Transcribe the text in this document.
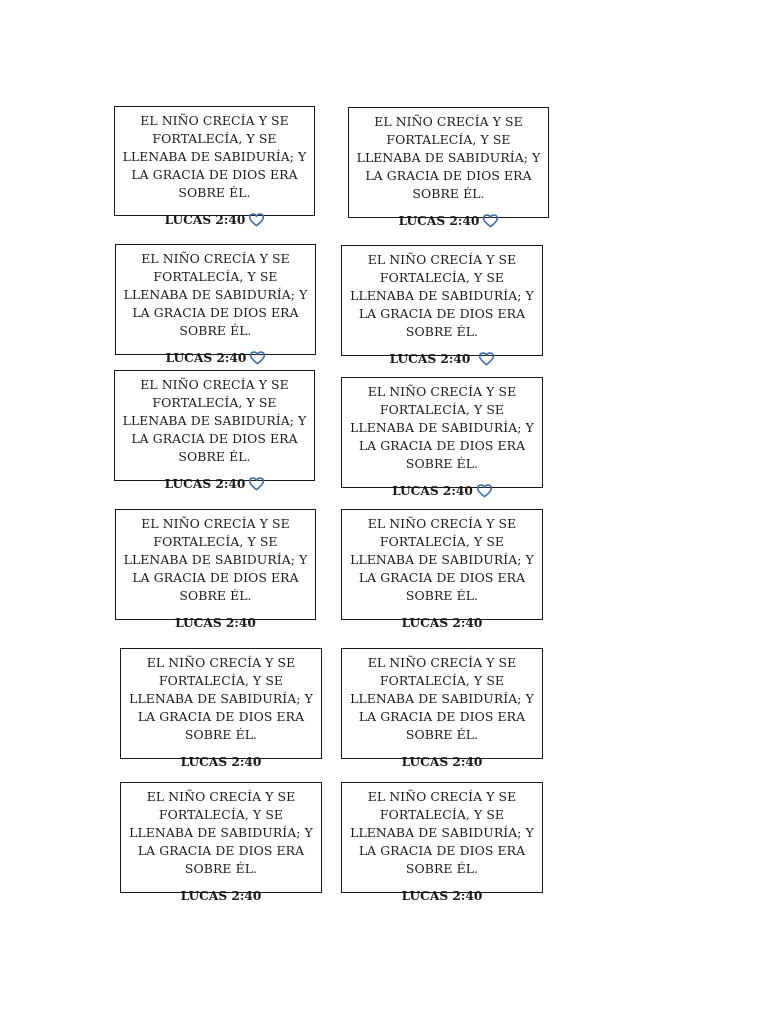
EL NIÑO CRECÍA Y SE FORTALECÍA, Y SE LLENABA DE SABIDURÍA; Y LA GRACIA DE DIOS ERA SOBRE ÉL.
LUCAS 2:40
EL NIÑO CRECÍA Y SE FORTALECÍA, Y SE LLENABA DE SABIDURÍA; Y LA GRACIA DE DIOS ERA SOBRE ÉL.
LUCAS 2:40
EL NIÑO CRECÍA Y SE FORTALECÍA, Y SE LLENABA DE SABIDURÍA; Y LA GRACIA DE DIOS ERA SOBRE ÉL.
LUCAS 2:40
EL NIÑO CRECÍA Y SE FORTALECÍA, Y SE LLENABA DE SABIDURÍA; Y LA GRACIA DE DIOS ERA SOBRE ÉL.
LUCAS 2:40
EL NIÑO CRECÍA Y SE FORTALECÍA, Y SE LLENABA DE SABIDURÍA; Y LA GRACIA DE DIOS ERA SOBRE ÉL.
LUCAS 2:40
EL NIÑO CRECÍA Y SE FORTALECÍA, Y SE LLENABA DE SABIDURÍA; Y LA GRACIA DE DIOS ERA SOBRE ÉL.
LUCAS 2:40
EL NIÑO CRECÍA Y SE FORTALECÍA, Y SE LLENABA DE SABIDURÍA; Y LA GRACIA DE DIOS ERA SOBRE ÉL.
LUCAS 2:40
EL NIÑO CRECÍA Y SE FORTALECÍA, Y SE LLENABA DE SABIDURÍA; Y LA GRACIA DE DIOS ERA SOBRE ÉL.
LUCAS 2:40
EL NIÑO CRECÍA Y SE FORTALECÍA, Y SE LLENABA DE SABIDURÍA; Y LA GRACIA DE DIOS ERA SOBRE ÉL.
LUCAS 2:40
EL NIÑO CRECÍA Y SE FORTALECÍA, Y SE LLENABA DE SABIDURÍA; Y LA GRACIA DE DIOS ERA SOBRE ÉL.
LUCAS 2:40
EL NIÑO CRECÍA Y SE FORTALECÍA, Y SE LLENABA DE SABIDURÍA; Y LA GRACIA DE DIOS ERA SOBRE ÉL.
LUCAS 2:40
EL NIÑO CRECÍA Y SE FORTALECÍA, Y SE LLENABA DE SABIDURÍA; Y LA GRACIA DE DIOS ERA SOBRE ÉL.
LUCAS 2:40
